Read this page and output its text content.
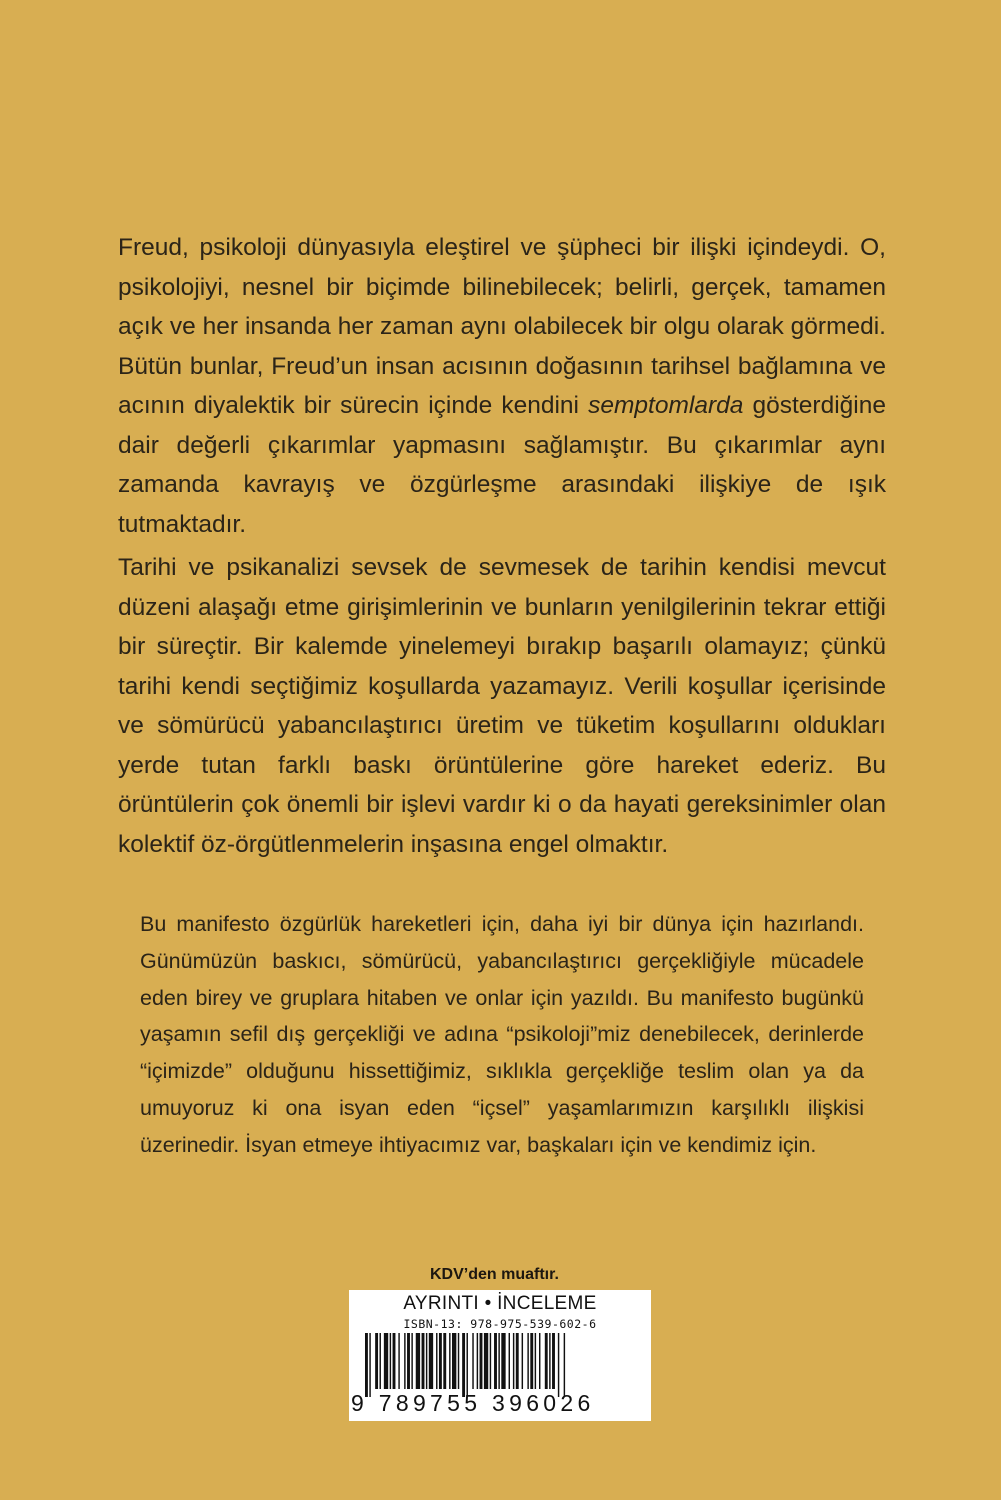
Freud, psikoloji dünyasıyla eleştirel ve şüpheci bir ilişki içindeydi. O, psikolojiyi, nesnel bir biçimde bilinebilecek; belirli, gerçek, tamamen açık ve her insanda her zaman aynı olabilecek bir olgu olarak görmedi. Bütün bunlar, Freud’un insan acısının doğasının tarihsel bağlamına ve acının diyalektik bir sürecin içinde kendini semptomlarda gösterdiğine dair değerli çıkarımlar yapmasını sağlamıştır. Bu çıkarımlar aynı zamanda kavrayış ve özgürleşme arasındaki ilişkiye de ışık tutmaktadır.

Tarihi ve psikanalizi sevsek de sevmesek de tarihin kendisi mevcut düzeni alaşağı etme girişimlerinin ve bunların yenilgilerinin tekrar ettiği bir süreçtir. Bir kalemde yinelemeyi bırakıp başarılı olamayız; çünkü tarihi kendi seçtiğimiz koşullarda yazamayız. Verili koşullar içerisinde ve sömürücü yabancılaştırıcı üretim ve tüketim koşullarını oldukları yerde tutan farklı baskı örüntülerine göre hareket ederiz. Bu örüntülerin çok önemli bir işlevi vardır ki o da hayati gereksinimler olan kolektif öz-örgütlenmelerin inşasına engel olmaktır.

Bu manifesto özgürlük hareketleri için, daha iyi bir dünya için hazırlandı. Günümüzün baskıcı, sömürücü, yabancılaştırıcı gerçekliğiyle mücadele eden birey ve gruplara hitaben ve onlar için yazıldı. Bu manifesto bugünkü yaşamın sefil dış gerçekliği ve adına “psikoloji”miz denebilecek, derinlerde “içimizde” olduğunu hissettiğimiz, sıklıkla gerçekliğe teslim olan ya da umuyoruz ki ona isyan eden “içsel” yaşamlarımızın karşılıklı ilişkisi üzerinedir. İsyan etmeye ihtiyacımız var, başkaları için ve kendimiz için.

KDV’den muaftır.
AYRINTI • İNCELEME
ISBN-13: 978-975-539-602-6
9 789755 396026
